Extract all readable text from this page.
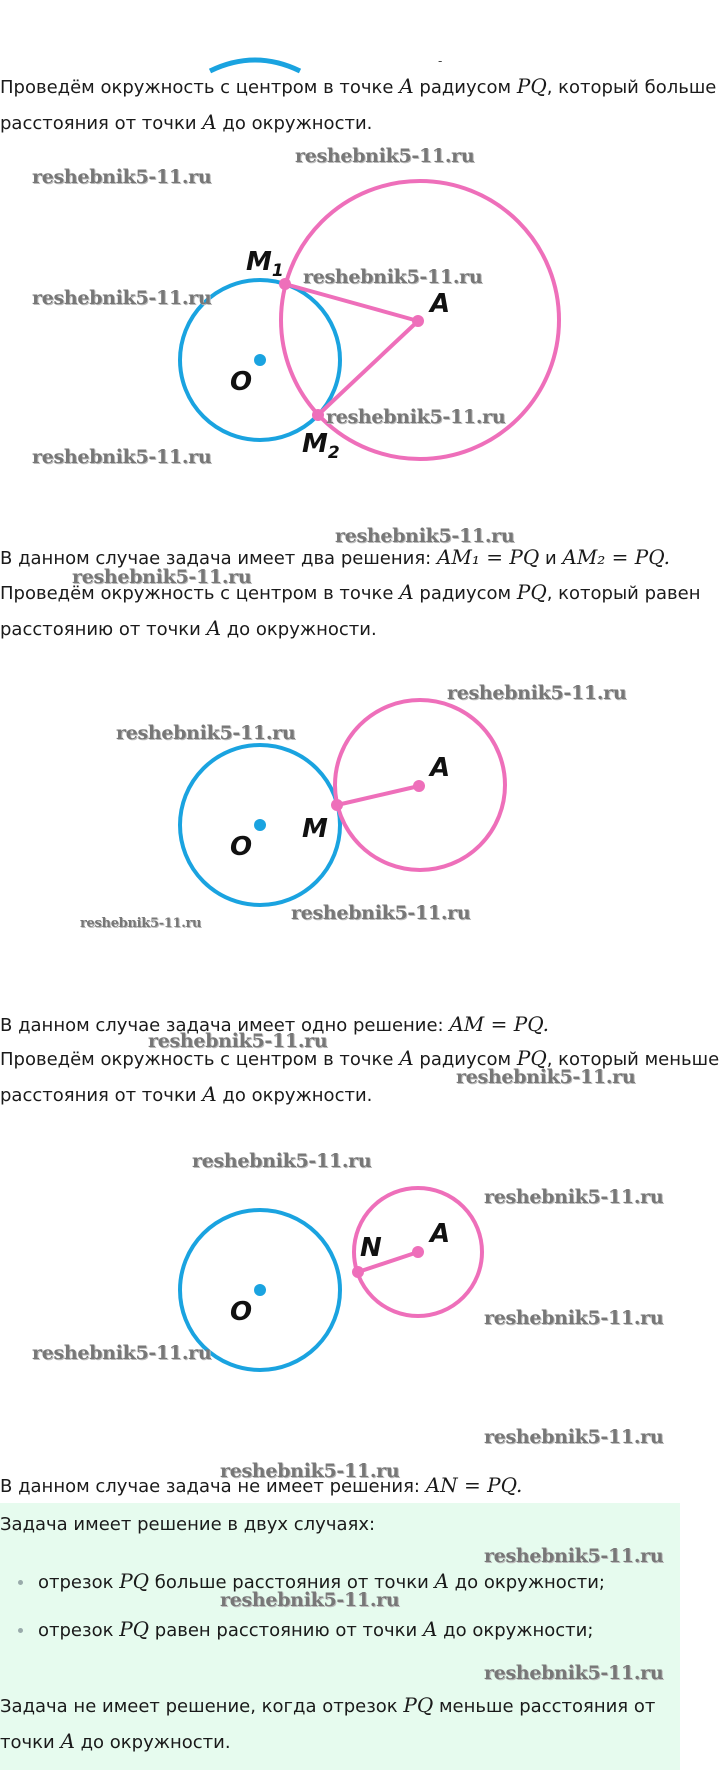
-
Проведём окружность с центром в точке A радиусом PQ, который больше
расстояния от точки A до окружности.
$M_1$
A
O
$M_2$
В данном случае задача имеет два решения: AM₁ = PQ и AM₂ = PQ.
Проведём окружность с центром в точке A радиусом PQ, который равен
расстоянию от точки A до окружности.
A
M
O
В данном случае задача имеет одно решение: AM = PQ.
Проведём окружность с центром в точке A радиусом PQ, который меньше
расстояния от точки A до окружности.
N A
O
В данном случае задача не имеет решения: AN = PQ.
Задача имеет решение в двух случаях:
отрезок PQ больше расстояния от точки A до окружности;
отрезок PQ равен расстоянию от точки A до окружности;
Задача не имеет решение, когда отрезок PQ меньше расстояния от
точки A до окружности.
reshebnik5-11.ru
reshebnik5-11.ru
reshebnik5-11.ru
reshebnik5-11.ru
reshebnik5-11.ru
reshebnik5-11.ru
reshebnik5-11.ru
reshebnik5-11.ru
reshebnik5-11.ru
reshebnik5-11.ru
reshebnik5-11.ru
reshebnik5-11.ru
reshebnik5-11.ru
reshebnik5-11.ru
reshebnik5-11.ru
reshebnik5-11.ru
reshebnik5-11.ru
reshebnik5-11.ru
reshebnik5-11.ru
reshebnik5-11.ru
reshebnik5-11.ru
reshebnik5-11.ru
reshebnik5-11.ru
